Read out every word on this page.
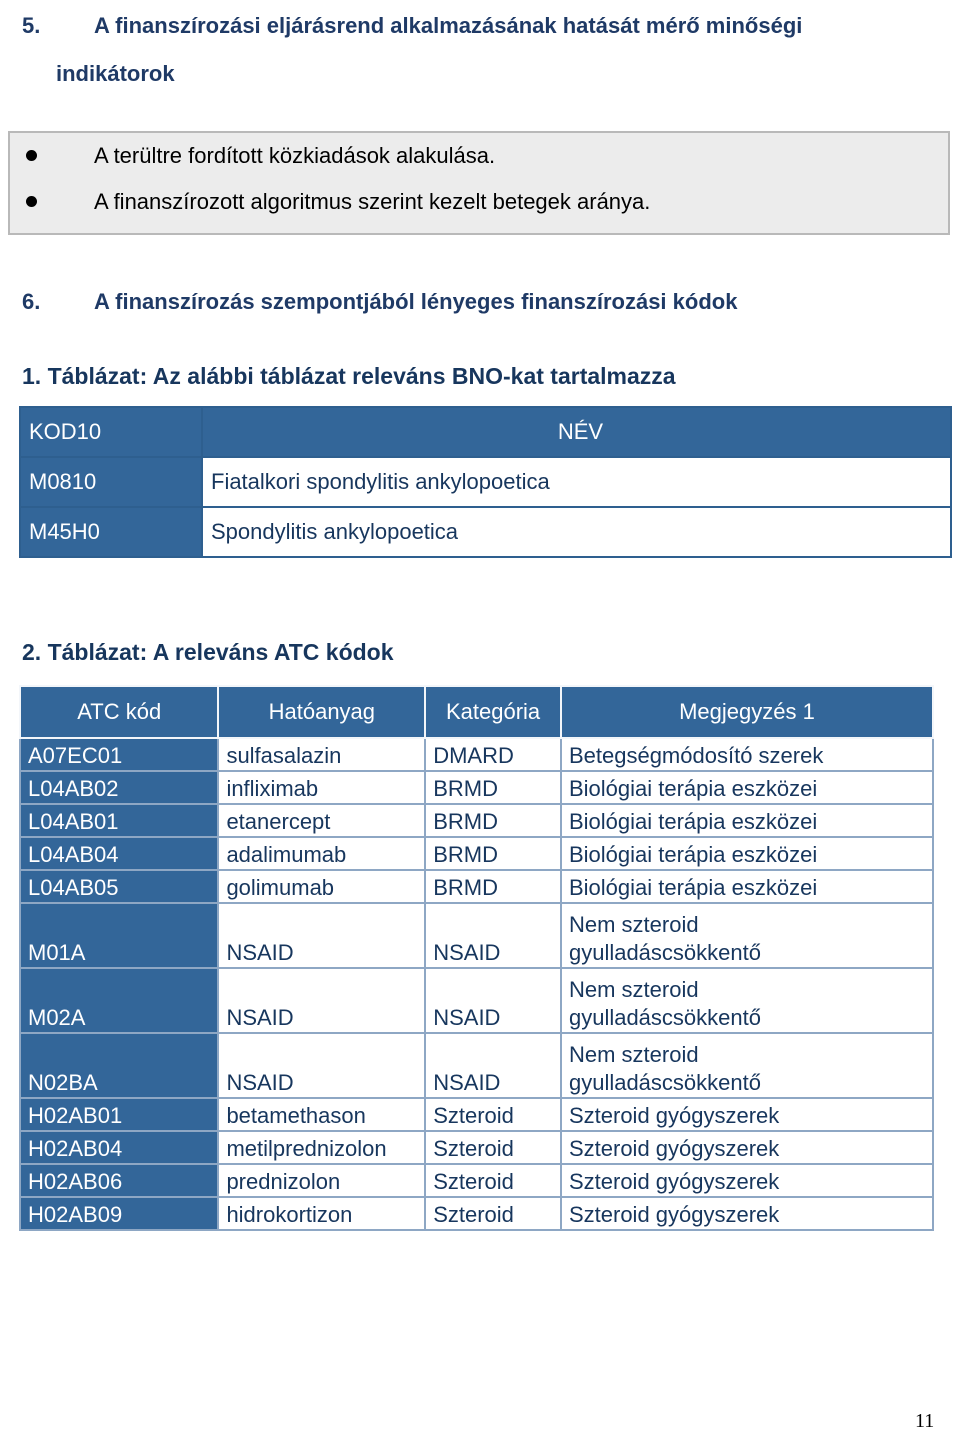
5. A finanszírozási eljárásrend alkalmazásának hatását mérő minőségi
indikátorok
A terültre fordított közkiadások alakulása.
A finanszírozott algoritmus szerint kezelt betegek aránya.
6. A finanszírozás szempontjából lényeges finanszírozási kódok
1. Táblázat: Az alábbi táblázat releváns BNO-kat tartalmazza
KOD10	NÉV
M0810	Fiatalkori spondylitis ankylopoetica
M45H0	Spondylitis ankylopoetica
2. Táblázat: A releváns ATC kódok
ATC kód	Hatóanyag	Kategória	Megjegyzés 1
A07EC01	sulfasalazin	DMARD	Betegségmódosító szerek
L04AB02	infliximab	BRMD	Biológiai terápia eszközei
L04AB01	etanercept	BRMD	Biológiai terápia eszközei
L04AB04	adalimumab	BRMD	Biológiai terápia eszközei
L04AB05	golimumab	BRMD	Biológiai terápia eszközei
M01A	NSAID	NSAID	Nem szteroid
gyulladáscsökkentő
M02A	NSAID	NSAID	Nem szteroid
gyulladáscsökkentő
N02BA	NSAID	NSAID	Nem szteroid
gyulladáscsökkentő
H02AB01	betamethason	Szteroid	Szteroid gyógyszerek
H02AB04	metilprednizolon	Szteroid	Szteroid gyógyszerek
H02AB06	prednizolon	Szteroid	Szteroid gyógyszerek
H02AB09	hidrokortizon	Szteroid	Szteroid gyógyszerek
11
